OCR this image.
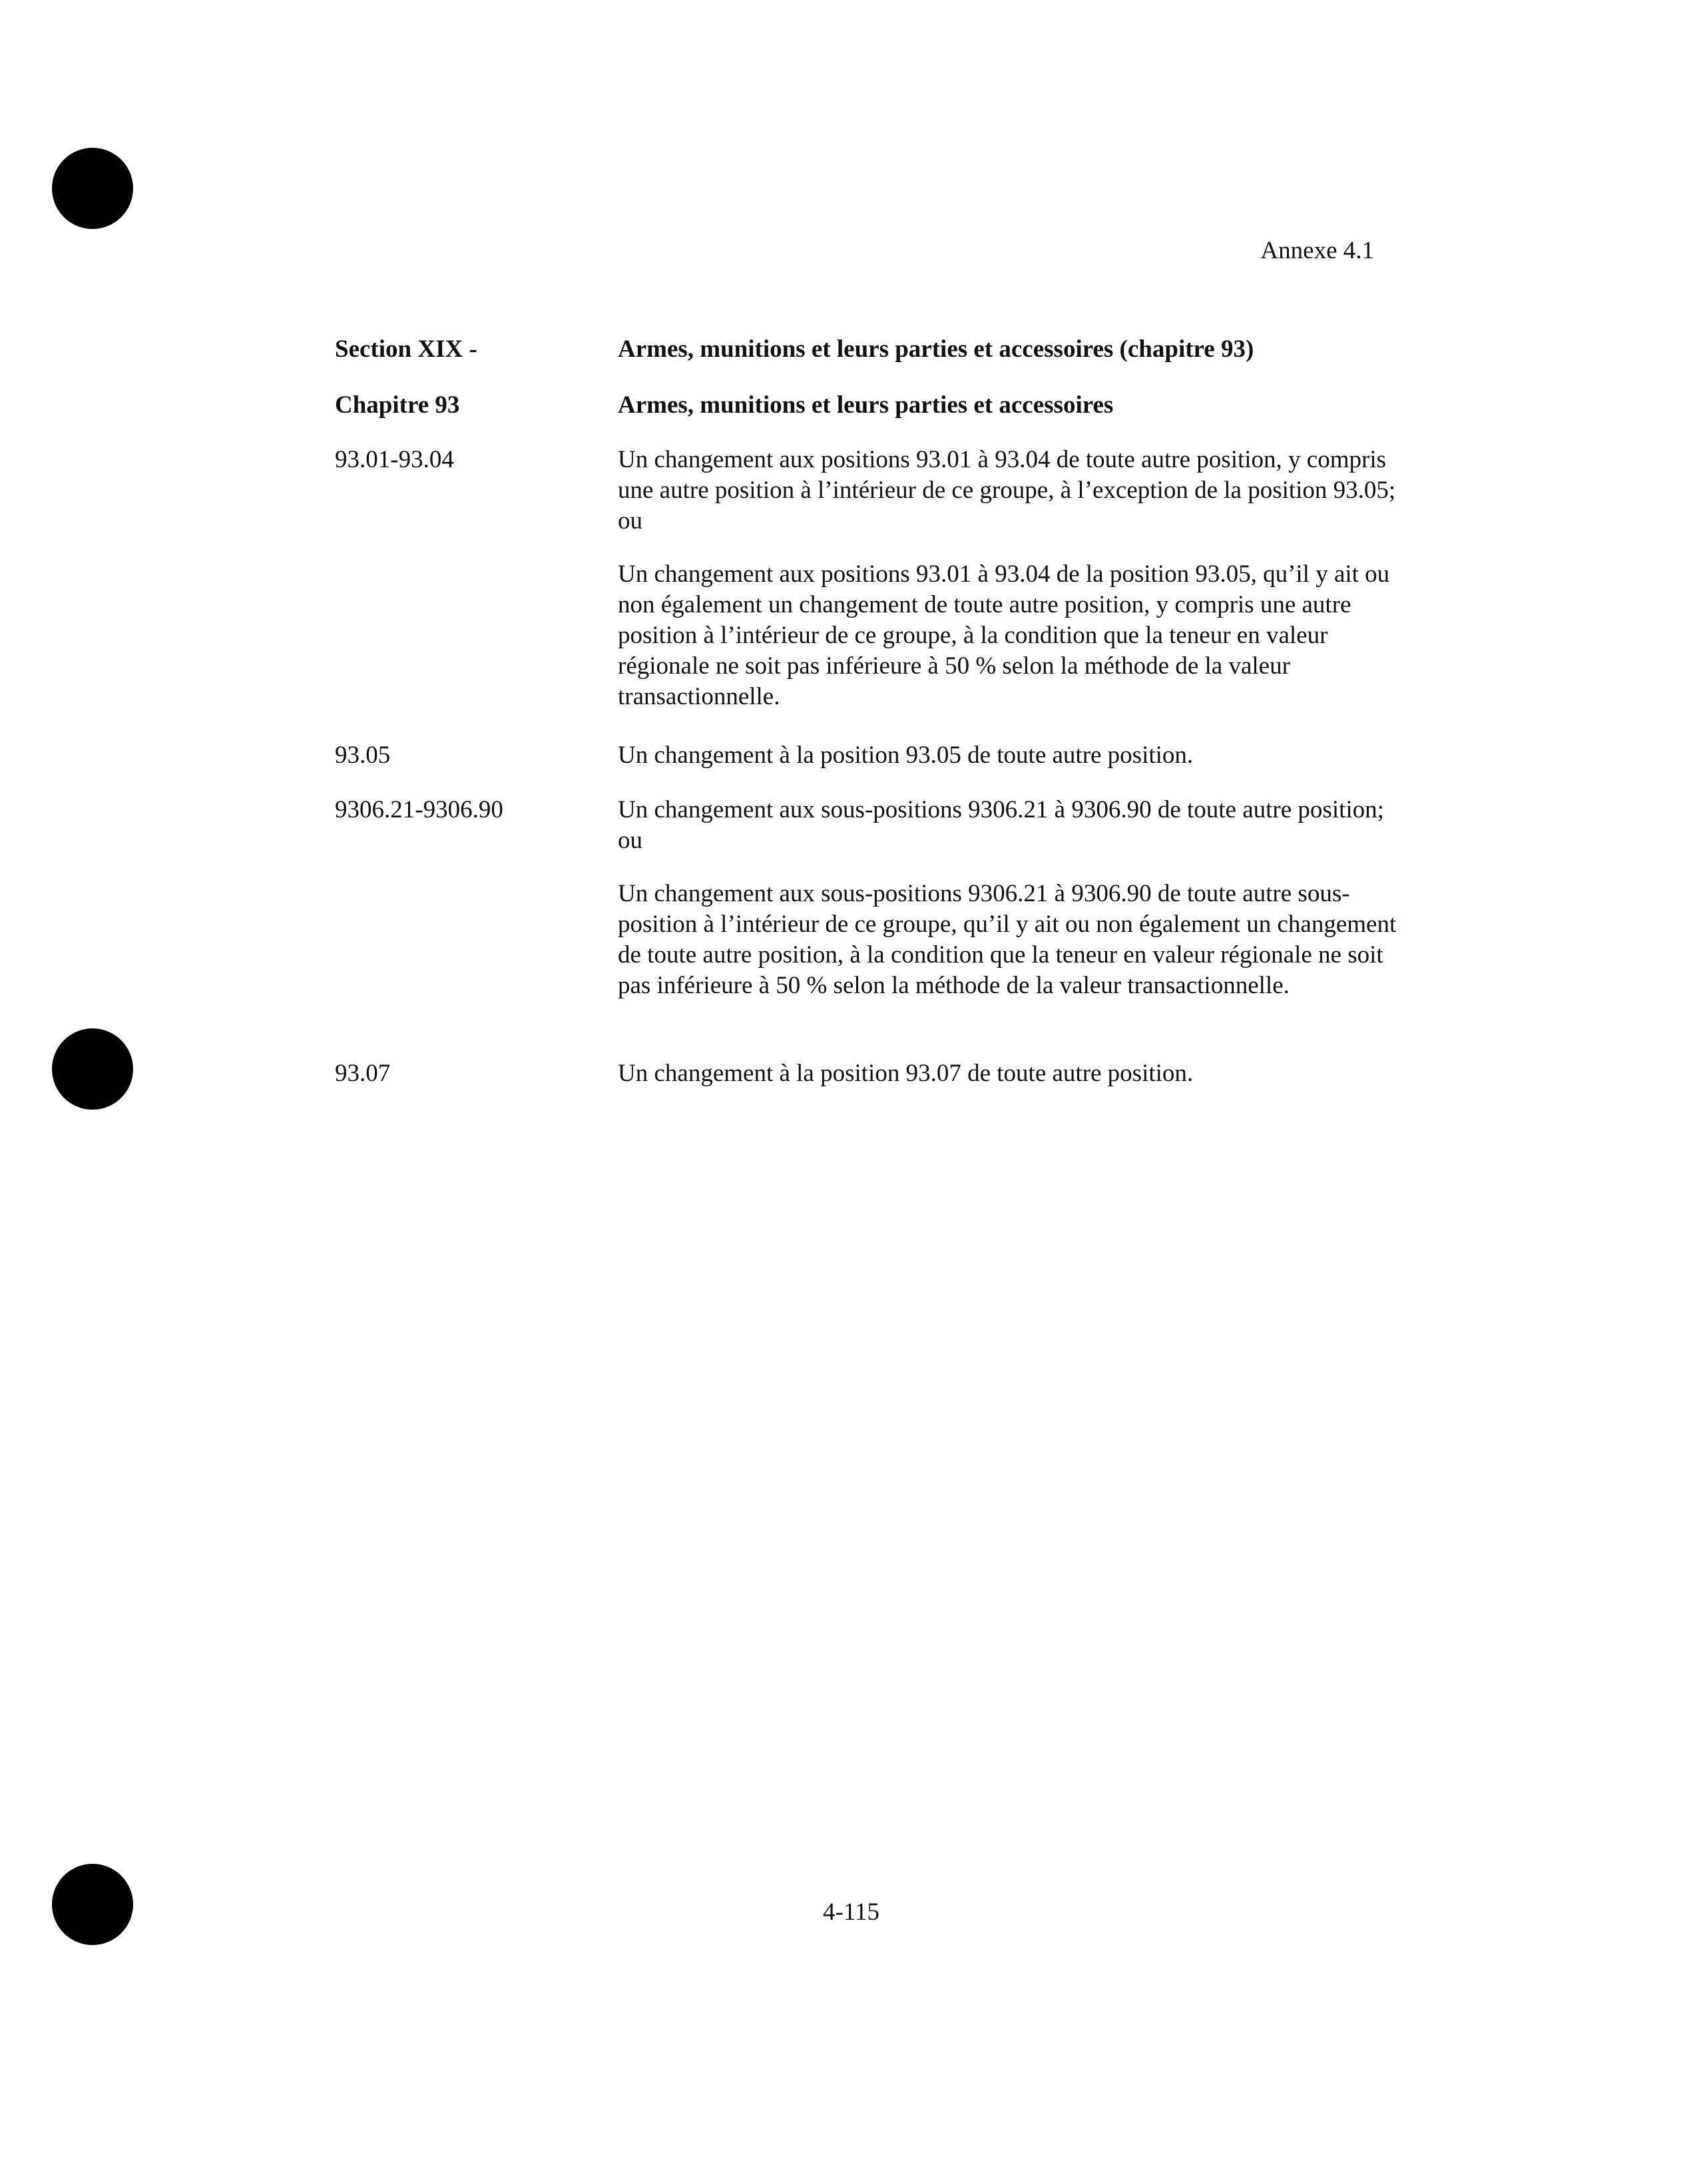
Annexe 4.1
Section XIX -	Armes, munitions et leurs parties et accessoires (chapitre 93)
Chapitre 93	Armes, munitions et leurs parties et accessoires
93.01-93.04	Un changement aux positions 93.01 à 93.04 de toute autre position, y compris une autre position à l’intérieur de ce groupe, à l’exception de la position 93.05; ou

Un changement aux positions 93.01 à 93.04 de la position 93.05, qu’il y ait ou non également un changement de toute autre position, y compris une autre position à l’intérieur de ce groupe, à la condition que la teneur en valeur régionale ne soit pas inférieure à 50 % selon la méthode de la valeur transactionnelle.

93.05	Un changement à la position 93.05 de toute autre position.

9306.21-9306.90	Un changement aux sous-positions 9306.21 à 9306.90 de toute autre position; ou

Un changement aux sous-positions 9306.21 à 9306.90 de toute autre sous-position à l’intérieur de ce groupe, qu’il y ait ou non également un changement de toute autre position, à la condition que la teneur en valeur régionale ne soit pas inférieure à 50 % selon la méthode de la valeur transactionnelle.

93.07	Un changement à la position 93.07 de toute autre position.

4-115
